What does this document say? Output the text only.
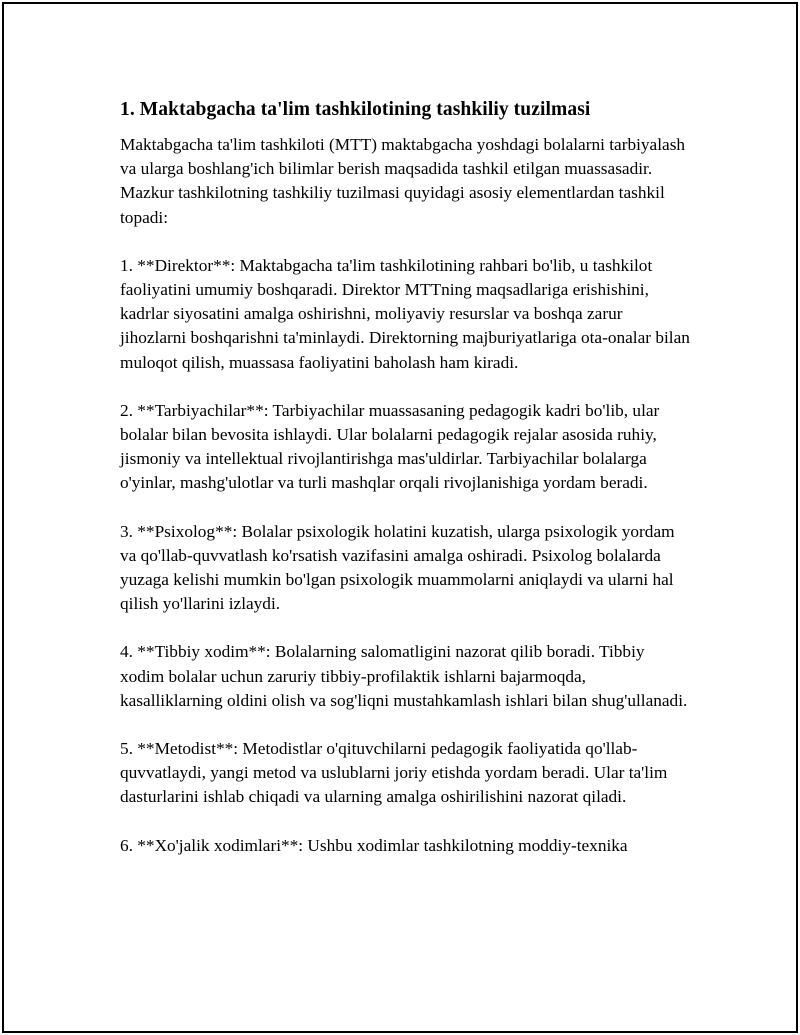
1. Maktabgacha ta'lim tashkilotining tashkiliy tuzilmasi

Maktabgacha ta'lim tashkiloti (MTT) maktabgacha yoshdagi bolalarni tarbiyalash va ularga boshlang'ich bilimlar berish maqsadida tashkil etilgan muassasadir. Mazkur tashkilotning tashkiliy tuzilmasi quyidagi asosiy elementlardan tashkil topadi:

1. **Direktor**: Maktabgacha ta'lim tashkilotining rahbari bo'lib, u tashkilot faoliyatini umumiy boshqaradi. Direktor MTTning maqsadlariga erishishini, kadrlar siyosatini amalga oshirishni, moliyaviy resurslar va boshqa zarur jihozlarni boshqarishni ta'minlaydi. Direktorning majburiyatlariga ota-onalar bilan muloqot qilish, muassasa faoliyatini baholash ham kiradi.

2. **Tarbiyachilar**: Tarbiyachilar muassasaning pedagogik kadri bo'lib, ular bolalar bilan bevosita ishlaydi. Ular bolalarni pedagogik rejalar asosida ruhiy, jismoniy va intellektual rivojlantirishga mas'uldirlar. Tarbiyachilar bolalarga o'yinlar, mashg'ulotlar va turli mashqlar orqali rivojlanishiga yordam beradi.

3. **Psixolog**: Bolalar psixologik holatini kuzatish, ularga psixologik yordam va qo'llab-quvvatlash ko'rsatish vazifasini amalga oshiradi. Psixolog bolalarda yuzaga kelishi mumkin bo'lgan psixologik muammolarni aniqlaydi va ularni hal qilish yo'llarini izlaydi.

4. **Tibbiy xodim**: Bolalarning salomatligini nazorat qilib boradi. Tibbiy xodim bolalar uchun zaruriy tibbiy-profilaktik ishlarni bajarmoqda, kasalliklarning oldini olish va sog'liqni mustahkamlash ishlari bilan shug'ullanadi.

5. **Metodist**: Metodistlar o'qituvchilarni pedagogik faoliyatida qo'llab-quvvatlaydi, yangi metod va uslublarni joriy etishda yordam beradi. Ular ta'lim dasturlarini ishlab chiqadi va ularning amalga oshirilishini nazorat qiladi.

6. **Xo'jalik xodimlari**: Ushbu xodimlar tashkilotning moddiy-texnika
